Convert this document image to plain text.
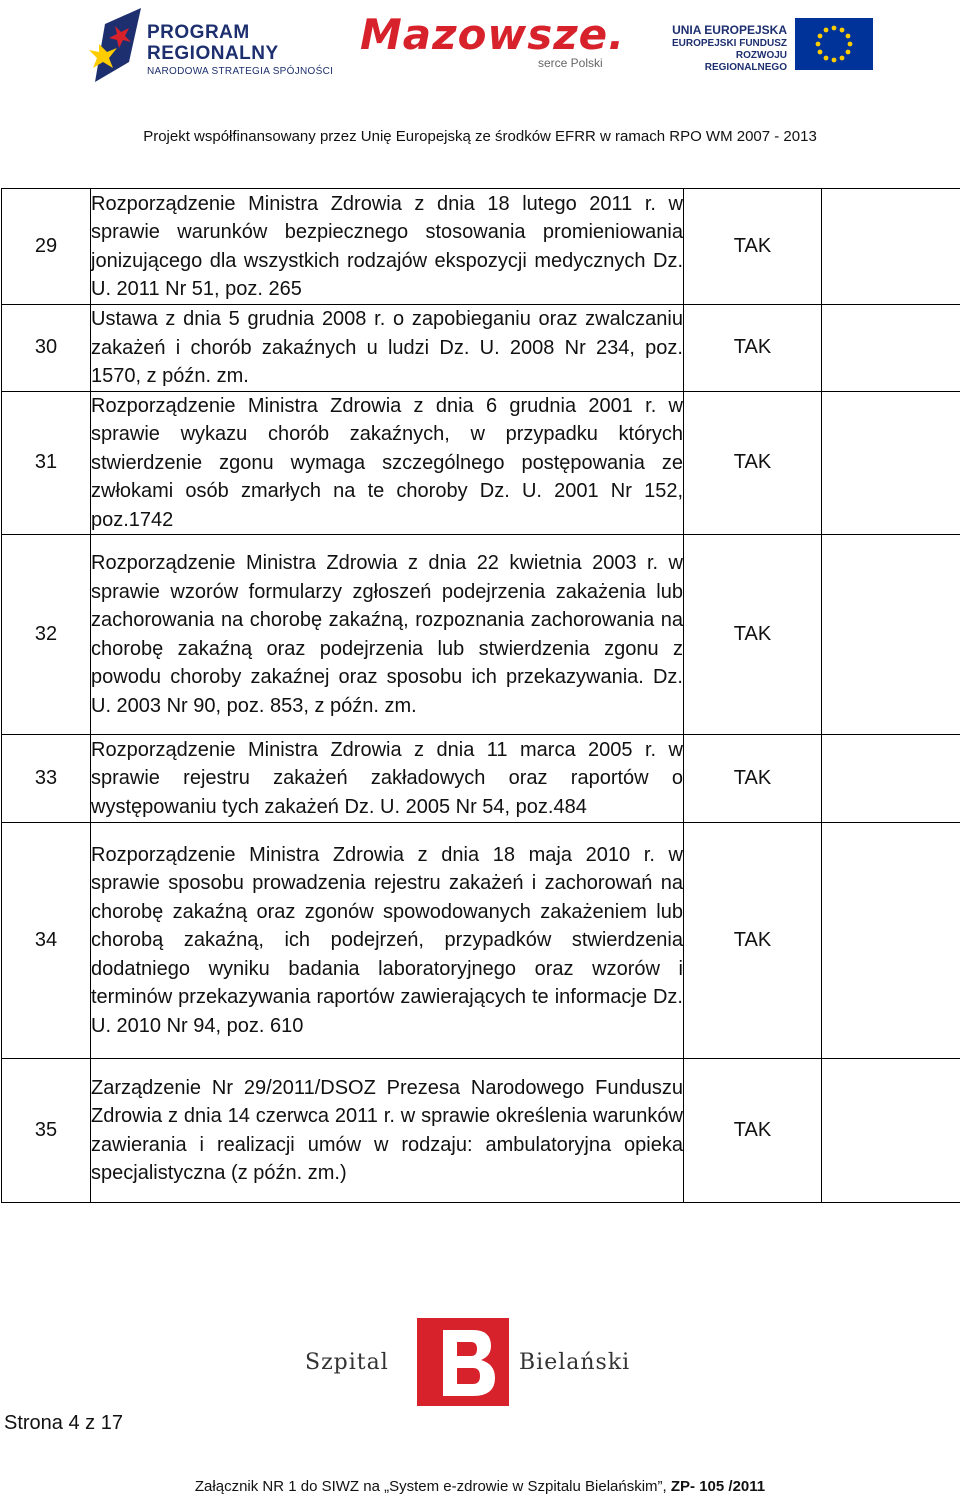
PROGRAM
REGIONALNY
NARODOWA STRATEGIA SPÓJNOŚCI
Mazowsze.
serce Polski
UNIA EUROPEJSKA
EUROPEJSKI FUNDUSZ
ROZWOJU REGIONALNEGO
Projekt współfinansowany przez Unię Europejską ze środków EFRR w ramach RPO WM 2007 - 2013
29	Rozporządzenie Ministra Zdrowia z dnia 18 lutego 2011 r. w sprawie warunków bezpiecznego stosowania promieniowania jonizującego dla wszystkich rodzajów ekspozycji medycznych Dz. U. 2011 Nr 51, poz. 265	TAK	
30	Ustawa z dnia 5 grudnia 2008 r. o zapobieganiu oraz zwalczaniu zakażeń i chorób zakaźnych u ludzi Dz. U. 2008 Nr 234, poz. 1570, z późn. zm.	TAK	
31	Rozporządzenie Ministra Zdrowia z dnia 6 grudnia 2001 r. w sprawie wykazu chorób zakaźnych, w przypadku których stwierdzenie zgonu wymaga szczególnego postępowania ze zwłokami osób zmarłych na te choroby Dz. U. 2001 Nr 152, poz.1742	TAK	
32	Rozporządzenie Ministra Zdrowia z dnia 22 kwietnia 2003 r. w sprawie wzorów formularzy zgłoszeń podejrzenia zakażenia lub zachorowania na chorobę zakaźną, rozpoznania zachorowania na chorobę zakaźną oraz podejrzenia lub stwierdzenia zgonu z powodu choroby zakaźnej oraz sposobu ich przekazywania. Dz. U. 2003 Nr 90, poz. 853, z późn. zm.	TAK	
33	Rozporządzenie Ministra Zdrowia z dnia 11 marca 2005 r. w sprawie rejestru zakażeń zakładowych oraz raportów o występowaniu tych zakażeń Dz. U. 2005 Nr 54, poz.484	TAK	
34	Rozporządzenie Ministra Zdrowia z dnia 18 maja 2010 r. w sprawie sposobu prowadzenia rejestru zakażeń i zachorowań na chorobę zakaźną oraz zgonów spowodowanych zakażeniem lub chorobą zakaźną, ich podejrzeń, przypadków stwierdzenia dodatniego wyniku badania laboratoryjnego oraz wzorów i terminów przekazywania raportów zawierających te informacje Dz. U. 2010 Nr 94, poz. 610	TAK	
35	Zarządzenie Nr 29/2011/DSOZ Prezesa Narodowego Funduszu Zdrowia z dnia 14 czerwca 2011 r. w sprawie określenia warunków zawierania i realizacji umów w rodzaju: ambulatoryjna opieka specjalistyczna (z późn. zm.)	TAK	
Szpital	Bielański
Strona 4 z 17
Załącznik NR 1 do SIWZ na „System e-zdrowie w Szpitalu Bielańskim”, ZP- 105 /2011
